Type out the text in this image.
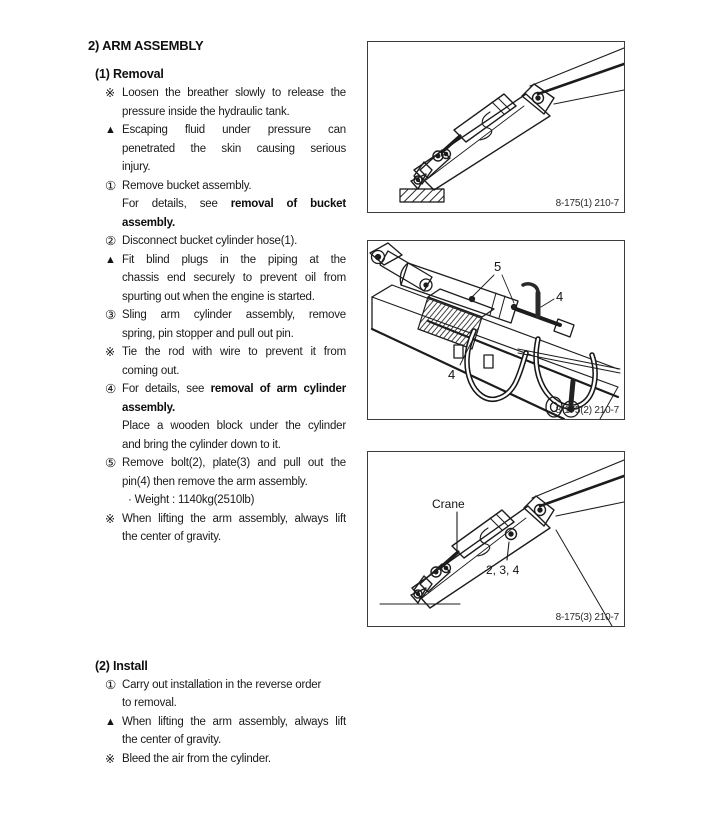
2) ARM ASSEMBLY
(1) Removal
※ Loosen the breather slowly to release the
pressure inside the hydraulic tank.
▲ Escaping fluid under pressure can
penetrated the skin causing serious
injury.
① Remove bucket assembly.
For details, see removal of bucket
assembly.
② Disconnect bucket cylinder hose(1).
▲ Fit blind plugs in the piping at the
chassis end securely to prevent oil from
spurting out when the engine is started.
③ Sling arm cylinder assembly, remove
spring, pin stopper and pull out pin.
※ Tie the rod with wire to prevent it from
coming out.
④ For details, see removal of arm cylinder
assembly.
Place a wooden block under the cylinder
and bring the cylinder down to it.
⑤ Remove bolt(2), plate(3) and pull out the
pin(4) then remove the arm assembly.
· Weight : 1140kg(2510lb)
※ When lifting the arm assembly, always lift
the center of gravity.
(2) Install
① Carry out installation in the reverse order
to removal.
▲ When lifting the arm assembly, always lift
the center of gravity.
※ Bleed the air from the cylinder.
8-175(1) 210-7
5
4
4
8-175(2) 210-7
Crane
2, 3, 4
8-175(3) 210-7
